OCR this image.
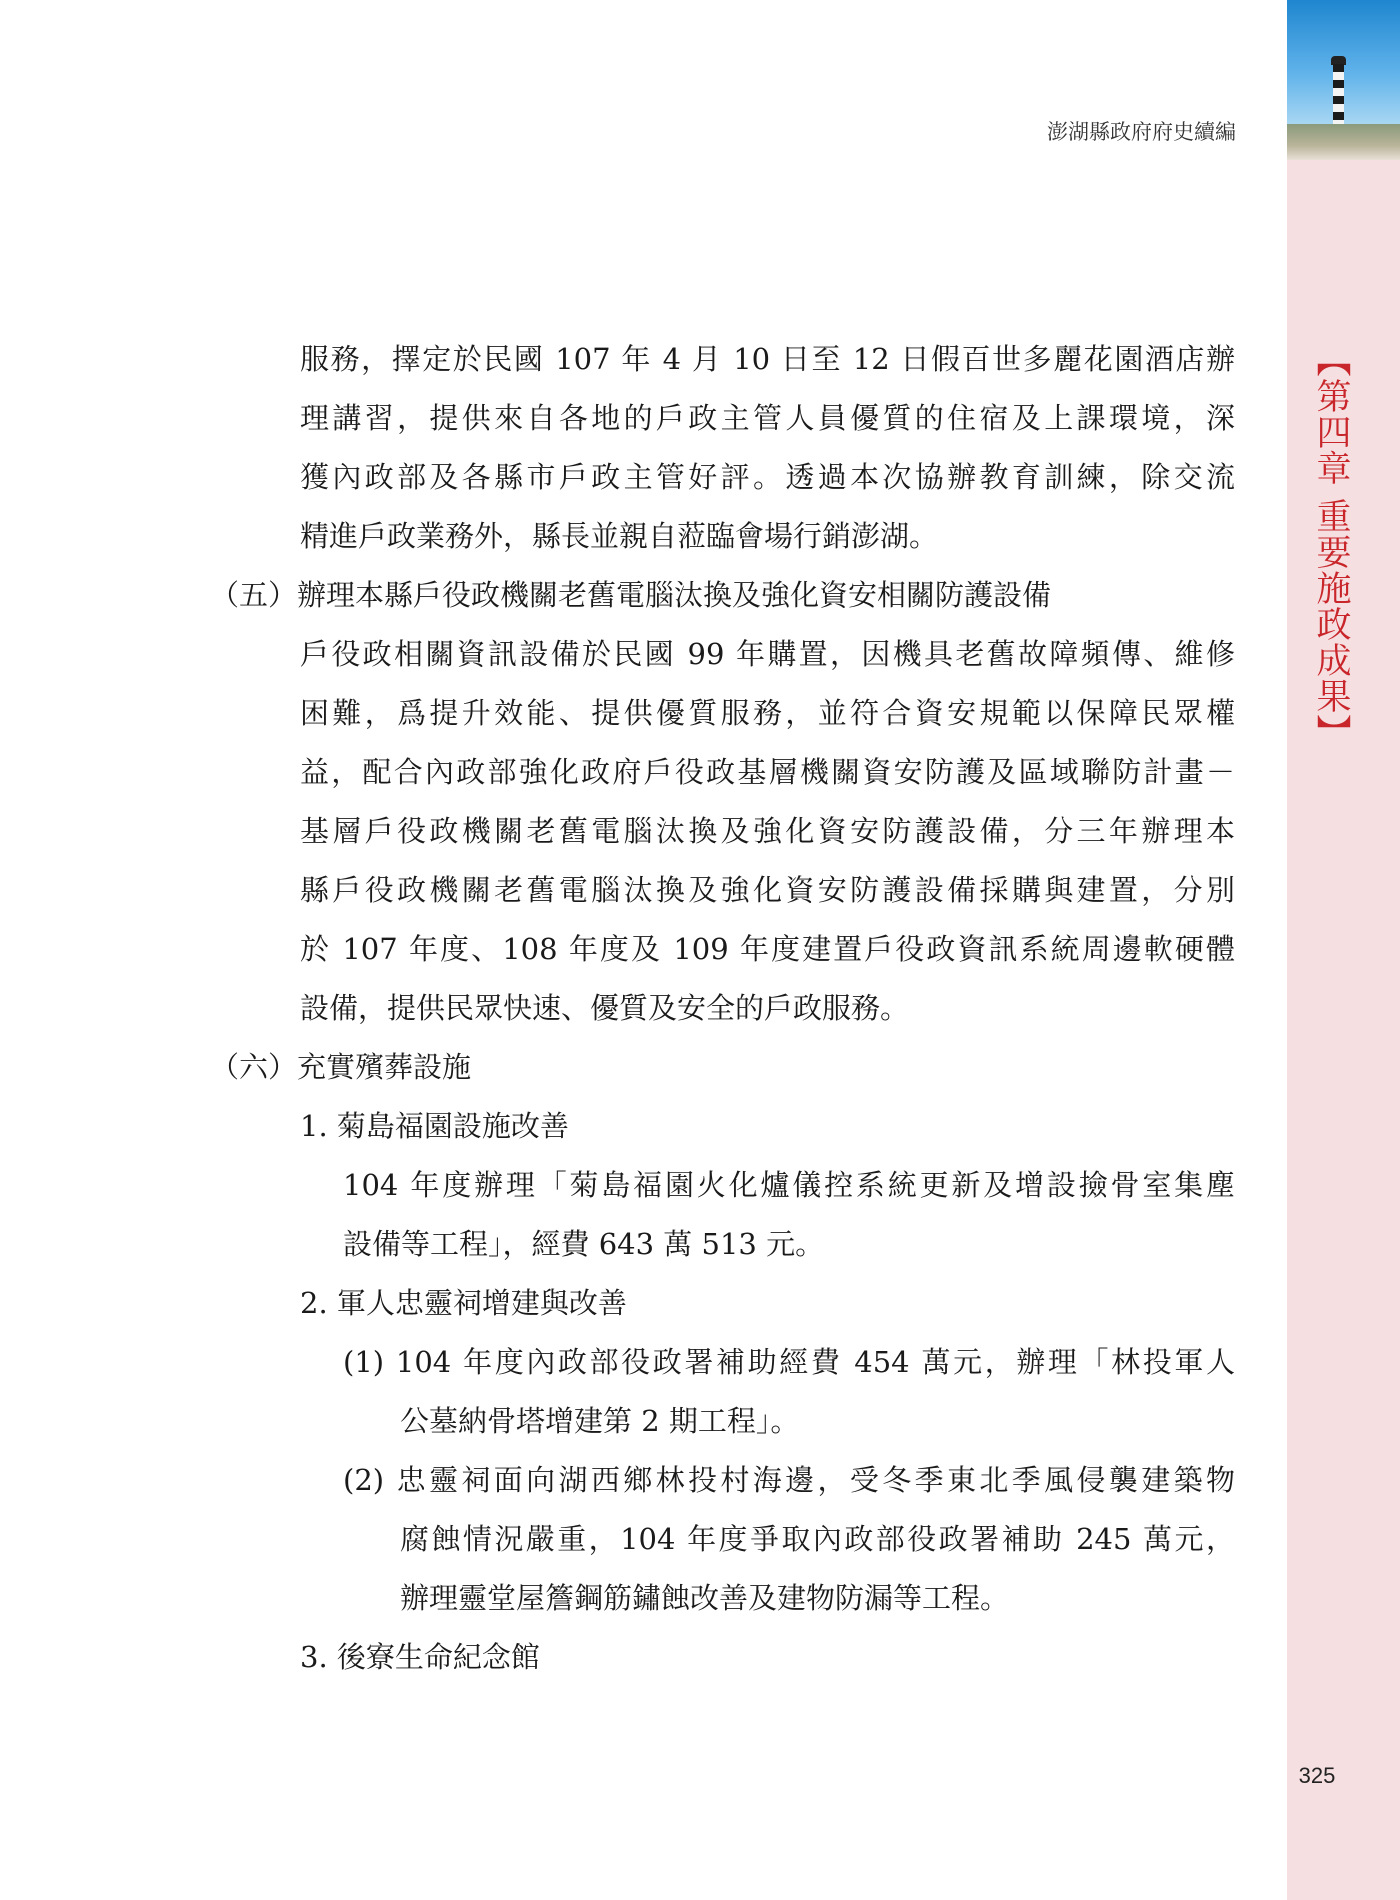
【第四章 重要施政成果】
澎湖縣政府府史續編
325
服務，擇定於民國 107 年 4 月 10 日至 12 日假百世多麗花園酒店辦
理講習，提供來自各地的戶政主管人員優質的住宿及上課環境，深
獲內政部及各縣市戶政主管好評。透過本次協辦教育訓練，除交流
精進戶政業務外，縣長並親自蒞臨會場行銷澎湖。
（五）辦理本縣戶役政機關老舊電腦汰換及強化資安相關防護設備
戶役政相關資訊設備於民國 99 年購置，因機具老舊故障頻傳、維修
困難，爲提升效能、提供優質服務，並符合資安規範以保障民眾權
益，配合內政部強化政府戶役政基層機關資安防護及區域聯防計畫－
基層戶役政機關老舊電腦汰換及強化資安防護設備，分三年辦理本
縣戶役政機關老舊電腦汰換及強化資安防護設備採購與建置，分別
於 107 年度、108 年度及 109 年度建置戶役政資訊系統周邊軟硬體
設備，提供民眾快速、優質及安全的戶政服務。
（六）充實殯葬設施
1. 菊島福園設施改善
104 年度辦理「菊島福園火化爐儀控系統更新及增設撿骨室集塵
設備等工程」，經費 643 萬 513 元。
2. 軍人忠靈祠增建與改善
(1) 104 年度內政部役政署補助經費 454 萬元，辦理「林投軍人
公墓納骨塔增建第 2 期工程」。
(2) 忠靈祠面向湖西鄉林投村海邊，受冬季東北季風侵襲建築物
腐蝕情況嚴重，104 年度爭取內政部役政署補助 245 萬元，
辦理靈堂屋簷鋼筋鏽蝕改善及建物防漏等工程。
3. 後寮生命紀念館
